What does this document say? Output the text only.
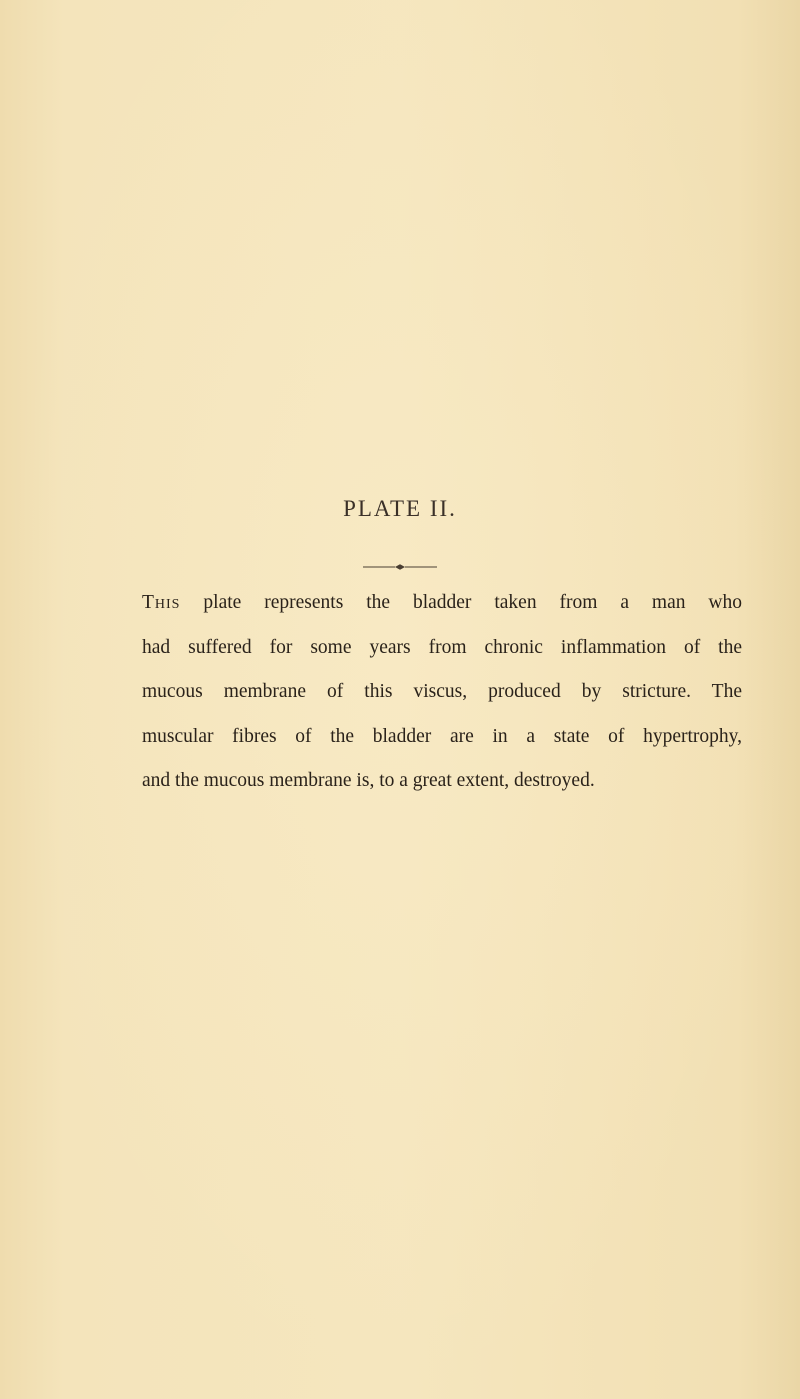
PLATE II.

This plate represents the bladder taken from a man who
had suffered for some years from chronic inflammation of the
mucous membrane of this viscus, produced by stricture. The
muscular fibres of the bladder are in a state of hypertrophy,
and the mucous membrane is, to a great extent, destroyed.
